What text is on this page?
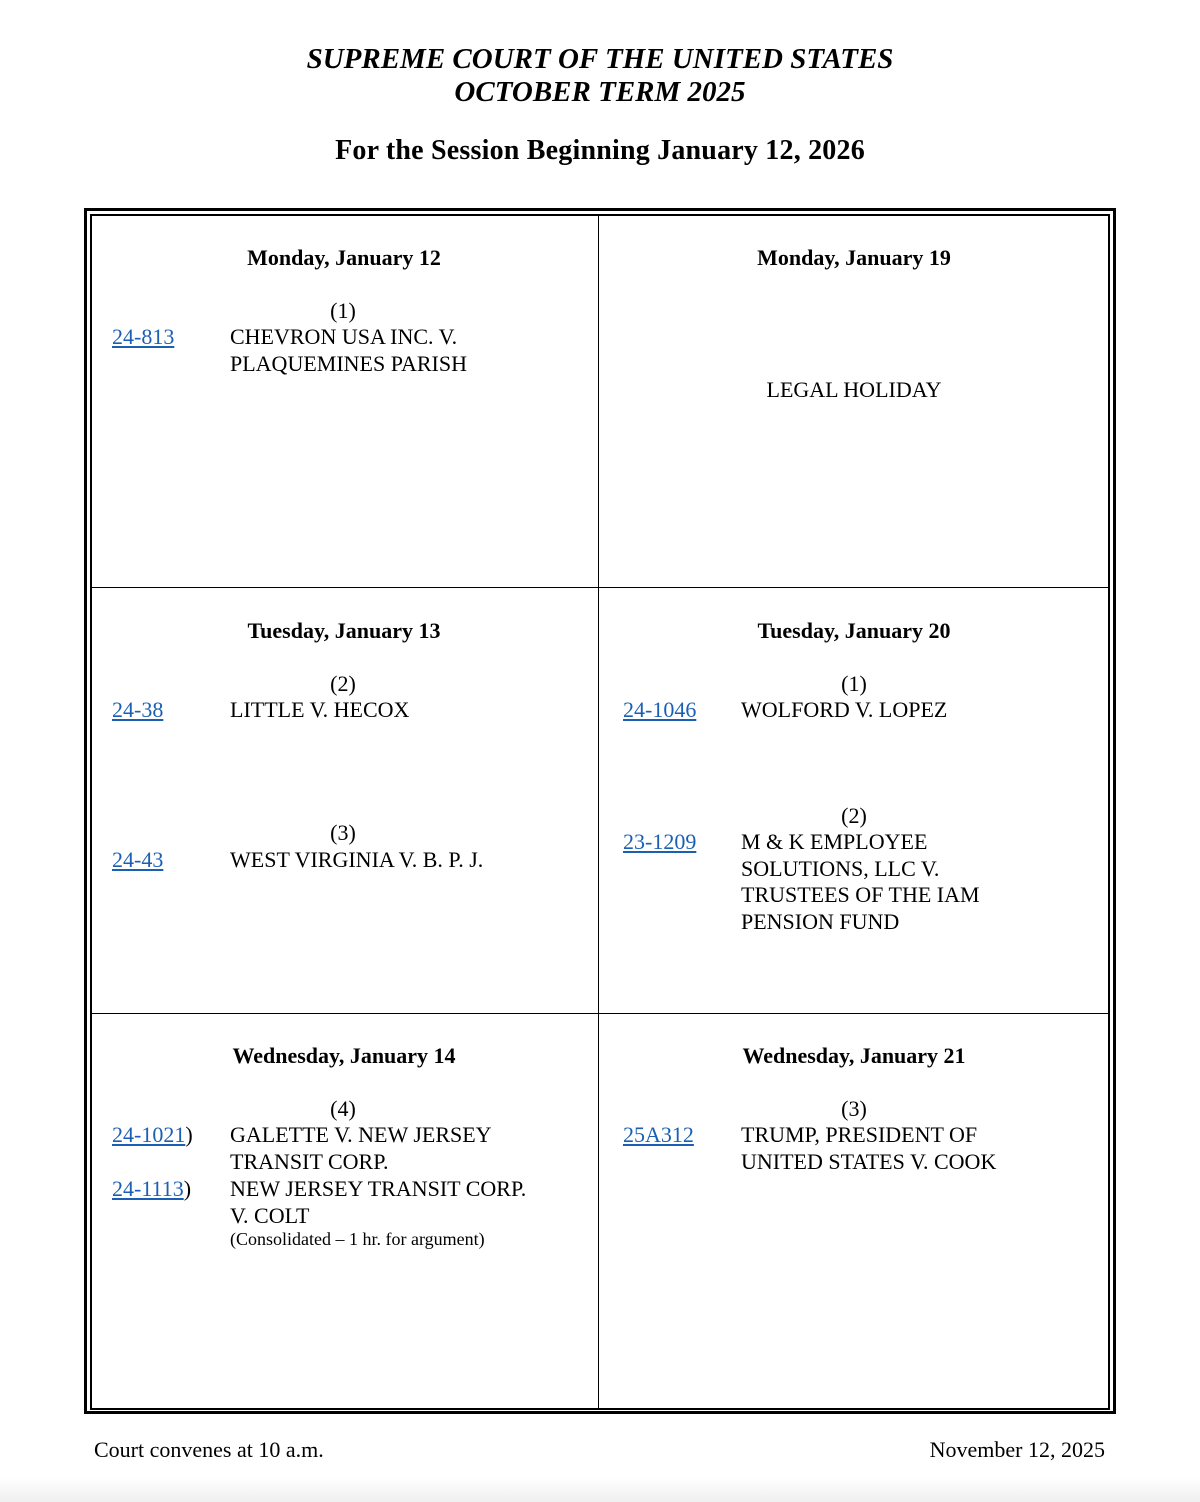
SUPREME COURT OF THE UNITED STATES
OCTOBER TERM 2025
For the Session Beginning January 12, 2026
Monday, January 12
(1)
24-813	CHEVRON USA INC. V.
PLAQUEMINES PARISH
Monday, January 19
LEGAL HOLIDAY
Tuesday, January 13
(2)
24-38	LITTLE V. HECOX
(3)
24-43	WEST VIRGINIA V. B. P. J.
Tuesday, January 20
(1)
24-1046 WOLFORD V. LOPEZ
(2)
23-1209 M & K EMPLOYEE
SOLUTIONS, LLC V.
TRUSTEES OF THE IAM
PENSION FUND
Wednesday, January 14
(4)
24-1021) GALETTE V. NEW JERSEY
TRANSIT CORP.
24-1113) NEW JERSEY TRANSIT CORP.
V. COLT
(Consolidated – 1 hr. for argument)
Wednesday, January 21
(3)
25A312 TRUMP, PRESIDENT OF
UNITED STATES V. COOK
Court convenes at 10 a.m.	November 12, 2025
